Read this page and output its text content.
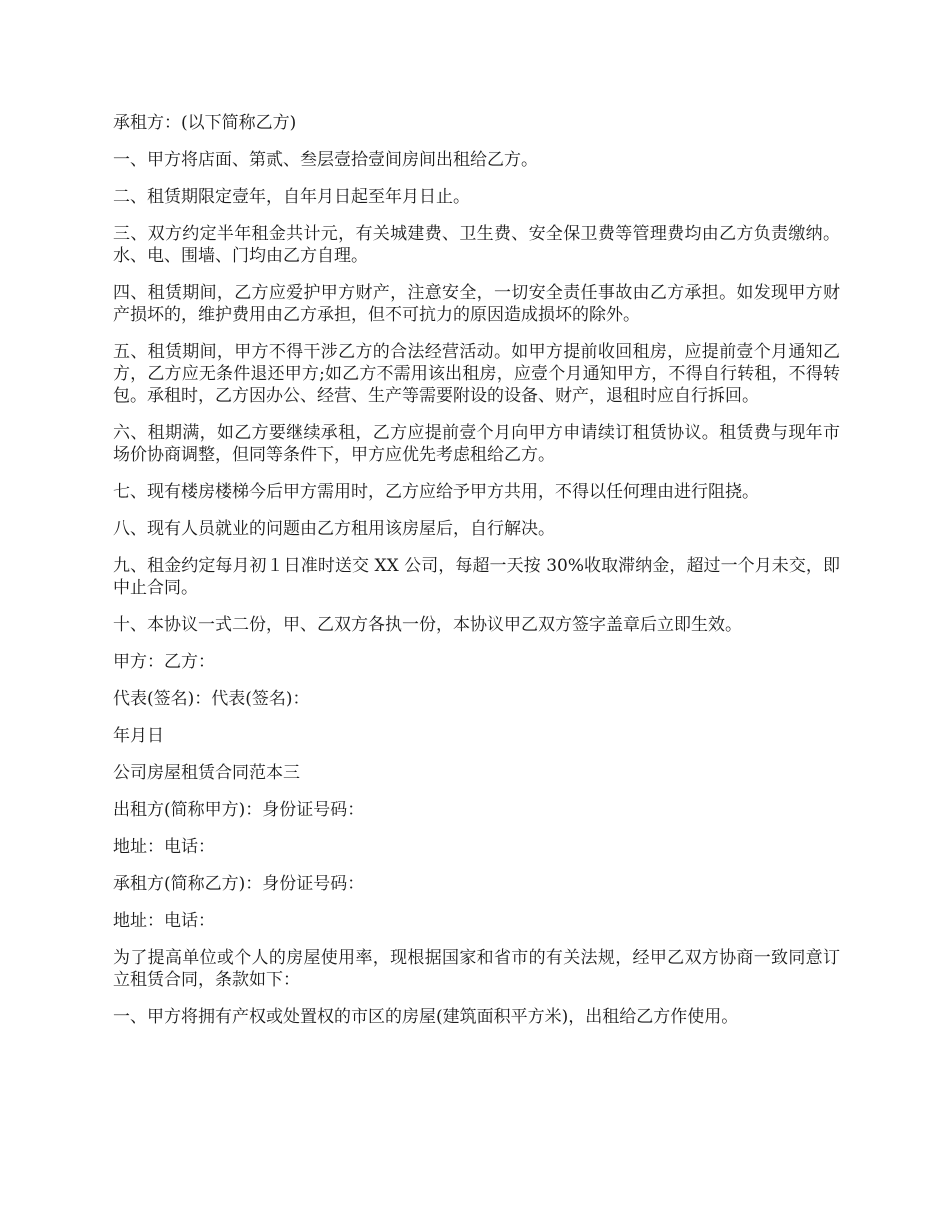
承租方：(以下简称乙方)

一、甲方将店面、第贰、叁层壹拾壹间房间出租给乙方。

二、租赁期限定壹年，自年月日起至年月日止。

三、双方约定半年租金共计元，有关城建费、卫生费、安全保卫费等管理费均由乙方负责缴纳。水、电、围墙、门均由乙方自理。

四、租赁期间，乙方应爱护甲方财产，注意安全，一切安全责任事故由乙方承担。如发现甲方财产损坏的，维护费用由乙方承担，但不可抗力的原因造成损坏的除外。

五、租赁期间，甲方不得干涉乙方的合法经营活动。如甲方提前收回租房，应提前壹个月通知乙方，乙方应无条件退还甲方;如乙方不需用该出租房，应壹个月通知甲方，不得自行转租，不得转包。承租时，乙方因办公、经营、生产等需要附设的设备、财产，退租时应自行拆回。

六、租期满，如乙方要继续承租，乙方应提前壹个月向甲方申请续订租赁协议。租赁费与现年市场价协商调整，但同等条件下，甲方应优先考虑租给乙方。

七、现有楼房楼梯今后甲方需用时，乙方应给予甲方共用，不得以任何理由进行阻挠。

八、现有人员就业的问题由乙方租用该房屋后，自行解决。

九、租金约定每月初１日准时送交 XX 公司，每超一天按 30%收取滞纳金，超过一个月未交，即中止合同。

十、本协议一式二份，甲、乙双方各执一份，本协议甲乙双方签字盖章后立即生效。

甲方：乙方：

代表(签名)：代表(签名)：

年月日

公司房屋租赁合同范本三

出租方(简称甲方)：身份证号码：

地址：电话：

承租方(简称乙方)：身份证号码：

地址：电话：

为了提高单位或个人的房屋使用率，现根据国家和省市的有关法规，经甲乙双方协商一致同意订立租赁合同，条款如下：

一、甲方将拥有产权或处置权的市区的房屋(建筑面积平方米)，出租给乙方作使用。
